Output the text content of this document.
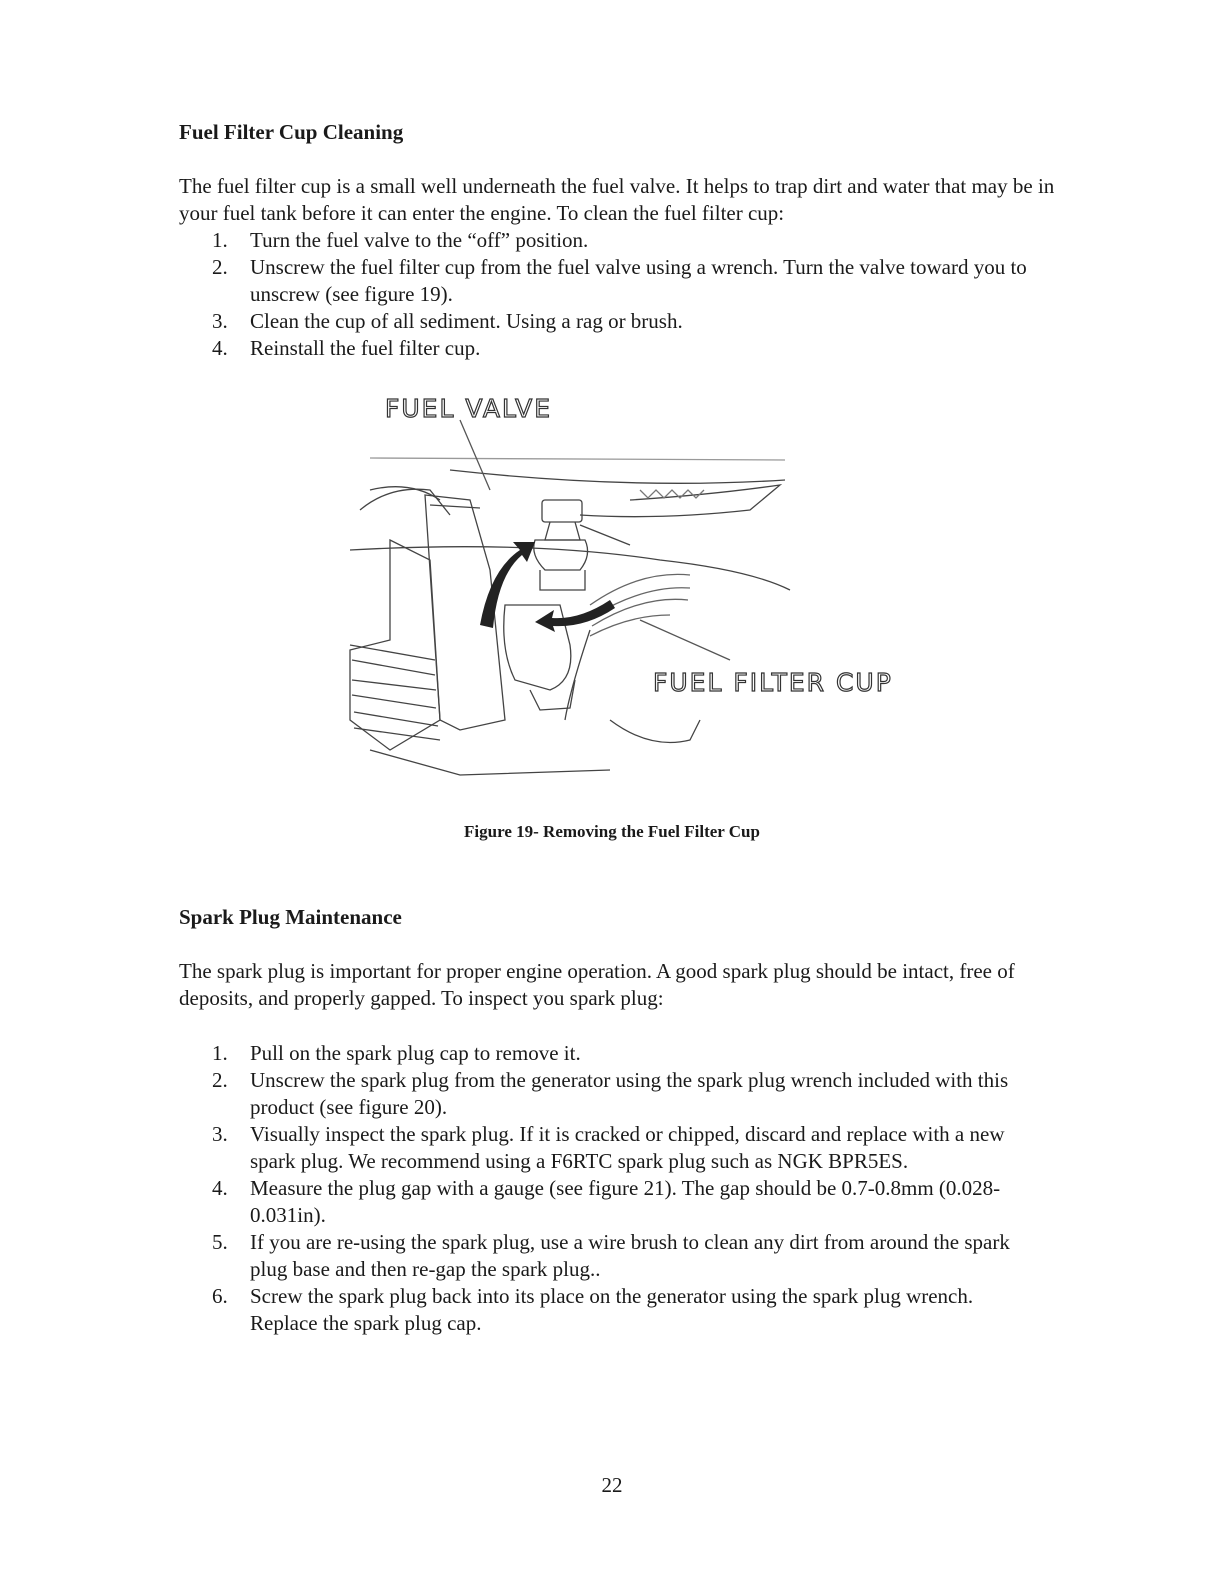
Fuel Filter Cup Cleaning

The fuel filter cup is a small well underneath the fuel valve. It helps to trap dirt and water that may be in your fuel tank before it can enter the engine. To clean the fuel filter cup:

1. Turn the fuel valve to the “off” position.
2. Unscrew the fuel filter cup from the fuel valve using a wrench. Turn the valve toward you to unscrew (see figure 19).
3. Clean the cup of all sediment. Using a rag or brush.
4. Reinstall the fuel filter cup.
FUEL VALVE
FUEL FILTER CUP
Figure 19- Removing the Fuel Filter Cup
Spark Plug Maintenance

The spark plug is important for proper engine operation. A good spark plug should be intact, free of deposits, and properly gapped. To inspect you spark plug:

1. Pull on the spark plug cap to remove it.
2. Unscrew the spark plug from the generator using the spark plug wrench included with this product (see figure 20).
3. Visually inspect the spark plug. If it is cracked or chipped, discard and replace with a new spark plug. We recommend using a F6RTC spark plug such as NGK BPR5ES.
4. Measure the plug gap with a gauge (see figure 21). The gap should be 0.7-0.8mm (0.028-0.031in).
5. If you are re-using the spark plug, use a wire brush to clean any dirt from around the spark plug base and then re-gap the spark plug..
6. Screw the spark plug back into its place on the generator using the spark plug wrench. Replace the spark plug cap.
22
